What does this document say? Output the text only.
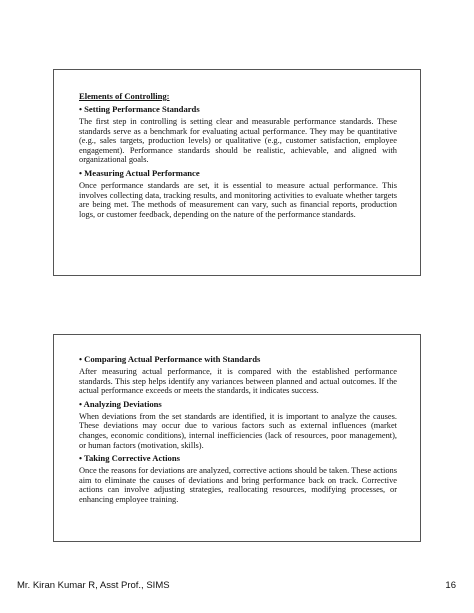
Elements of Controlling:
• Setting Performance Standards
The first step in controlling is setting clear and measurable performance standards. These standards serve as a benchmark for evaluating actual performance. They may be quantitative (e.g., sales targets, production levels) or qualitative (e.g., customer satisfaction, employee engagement). Performance standards should be realistic, achievable, and aligned with organizational goals.
• Measuring Actual Performance
Once performance standards are set, it is essential to measure actual performance. This involves collecting data, tracking results, and monitoring activities to evaluate whether targets are being met. The methods of measurement can vary, such as financial reports, production logs, or customer feedback, depending on the nature of the performance standards.
• Comparing Actual Performance with Standards
After measuring actual performance, it is compared with the established performance standards. This step helps identify any variances between planned and actual outcomes. If the actual performance exceeds or meets the standards, it indicates success.
• Analyzing Deviations
When deviations from the set standards are identified, it is important to analyze the causes. These deviations may occur due to various factors such as external influences (market changes, economic conditions), internal inefficiencies (lack of resources, poor management), or human factors (motivation, skills).
• Taking Corrective Actions
Once the reasons for deviations are analyzed, corrective actions should be taken. These actions aim to eliminate the causes of deviations and bring performance back on track. Corrective actions can involve adjusting strategies, reallocating resources, modifying processes, or enhancing employee training.
Mr. Kiran Kumar R, Asst Prof., SIMS	16
